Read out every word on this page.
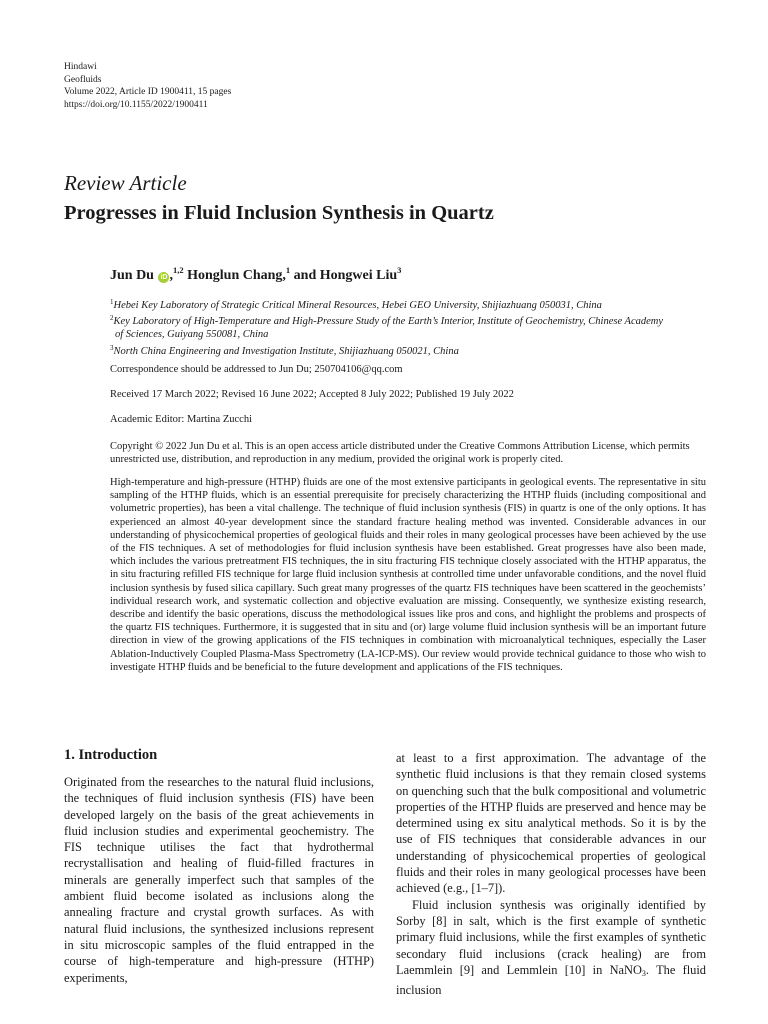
Hindawi
Geofluids
Volume 2022, Article ID 1900411, 15 pages
https://doi.org/10.1155/2022/1900411
Review Article
Progresses in Fluid Inclusion Synthesis in Quartz
Jun Du iD ,$^{1,2}$ Honglun Chang,$^1$ and Hongwei Liu$^3$

$^1$Hebei Key Laboratory of Strategic Critical Mineral Resources, Hebei GEO University, Shijiazhuang 050031, China

$^2$Key Laboratory of High-Temperature and High-Pressure Study of the Earth’s Interior, Institute of Geochemistry, Chinese Academy

of Sciences, Guiyang 550081, China

$^3$North China Engineering and Investigation Institute, Shijiazhuang 050021, China

Correspondence should be addressed to Jun Du; 250704106@qq.com
Received 17 March 2022; Revised 16 June 2022; Accepted 8 July 2022; Published 19 July 2022
Academic Editor: Martina Zucchi
Copyright © 2022 Jun Du et al. This is an open access article distributed under the Creative Commons Attribution License, which permits unrestricted use, distribution, and reproduction in any medium, provided the original work is properly cited.
High-temperature and high-pressure (HTHP) fluids are one of the most extensive participants in geological events. The representative in situ sampling of the HTHP fluids, which is an essential prerequisite for precisely characterizing the HTHP fluids (including compositional and volumetric properties), has been a vital challenge. The technique of fluid inclusion synthesis (FIS) in quartz is one of the only options. It has experienced an almost 40-year development since the standard fracture healing method was invented. Considerable advances in our understanding of physicochemical properties of geological fluids and their roles in many geological processes have been achieved by the use of the FIS techniques. A set of methodologies for fluid inclusion synthesis have been established. Great progresses have also been made, which includes the various pretreatment FIS techniques, the in situ fracturing FIS technique closely associated with the HTHP apparatus, the in situ fracturing refilled FIS technique for large fluid inclusion synthesis at controlled time under unfavorable conditions, and the novel fluid inclusion synthesis by fused silica capillary. Such great many progresses of the quartz FIS techniques have been scattered in the geochemists’ individual research work, and systematic collection and objective evaluation are missing. Consequently, we synthesize existing research, describe and identify the basic operations, discuss the methodological issues like pros and cons, and highlight the problems and prospects of the quartz FIS techniques. Furthermore, it is suggested that in situ and (or) large volume fluid inclusion synthesis will be an important future direction in view of the growing applications of the FIS techniques in combination with microanalytical techniques, especially the Laser Ablation-Inductively Coupled Plasma-Mass Spectrometry (LA-ICP-MS). Our review would provide technical guidance to those who wish to investigate HTHP fluids and be beneficial to the future development and applications of the FIS techniques.
1. Introduction

Originated from the researches to the natural fluid inclusions, the techniques of fluid inclusion synthesis (FIS) have been developed largely on the basis of the great achievements in fluid inclusion studies and experimental geochemistry. The FIS technique utilises the fact that hydrothermal recrystallisation and healing of fluid-filled fractures in minerals are generally imperfect such that samples of the ambient fluid become isolated as inclusions along the annealing fracture and crystal growth surfaces. As with natural fluid inclusions, the synthesized inclusions represent in situ microscopic samples of the fluid entrapped in the course of high-temperature and high-pressure (HTHP) experiments,

at least to a first approximation. The advantage of the synthetic fluid inclusions is that they remain closed systems on quenching such that the bulk compositional and volumetric properties of the HTHP fluids are preserved and hence may be determined using ex situ analytical methods. So it is by the use of FIS techniques that considerable advances in our understanding of physicochemical properties of geological fluids and their roles in many geological processes have been achieved (e.g., [1–7]).

Fluid inclusion synthesis was originally identified by Sorby [8] in salt, which is the first example of synthetic primary fluid inclusions, while the first examples of synthetic secondary fluid inclusions (crack healing) are from Laemmlein [9] and Lemmlein [10] in NaNO$_3$. The fluid inclusion
